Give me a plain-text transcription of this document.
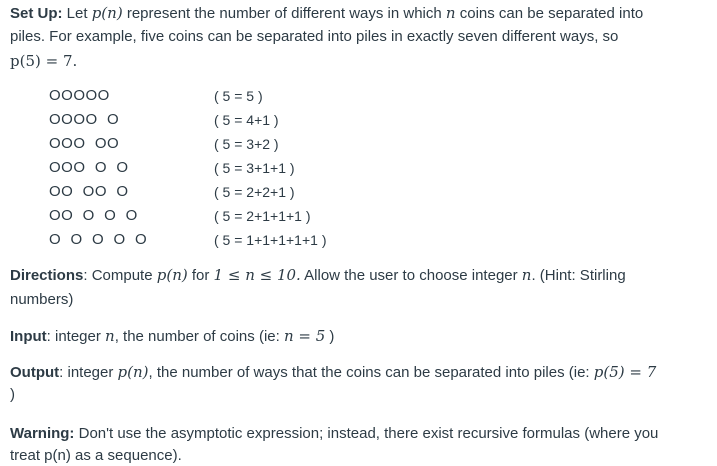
Set Up: Let p(n) represent the number of different ways in which n coins can be separated into
piles. For example, five coins can be separated into piles in exactly seven different ways, so
p(5) = 7.
OOOOO	( 5 = 5 )
OOOO  O	( 5 = 4+1 )
OOO  OO	( 5 = 3+2 )
OOO  O  O	( 5 = 3+1+1 )
OO  OO  O	( 5 = 2+2+1 )
OO  O  O  O	( 5 = 2+1+1+1 )
O  O  O  O  O	( 5 = 1+1+1+1+1 )
Directions: Compute p(n) for 1 ≤ n ≤ 10. Allow the user to choose integer n. (Hint: Stirling
numbers)
Input: integer n, the number of coins (ie: n = 5 )
Output: integer p(n), the number of ways that the coins can be separated into piles (ie: p(5) = 7
)
Warning: Don't use the asymptotic expression; instead, there exist recursive formulas (where you
treat p(n) as a sequence).
